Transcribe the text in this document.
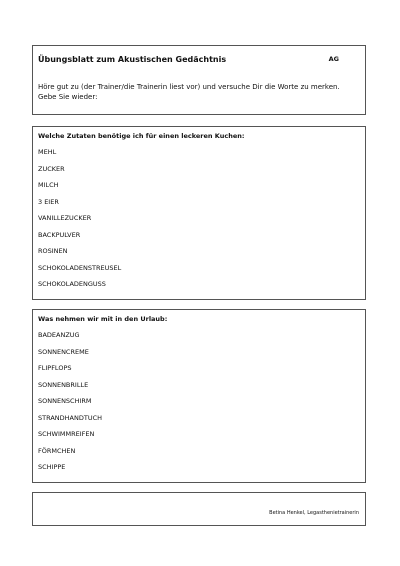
Übungsblatt zum Akustischen Gedächtnis	AG
Höre gut zu (der Trainer/die Trainerin liest vor) und versuche Dir die Worte zu merken. Gebe Sie wieder:
Welche Zutaten benötige ich für einen leckeren Kuchen:
MEHL
ZUCKER
MILCH
3 EIER
VANILLEZUCKER
BACKPULVER
ROSINEN
SCHOKOLADENSTREUSEL
SCHOKOLADENGUSS
Was nehmen wir mit in den Urlaub:
BADEANZUG
SONNENCREME
FLIPFLOPS
SONNENBRILLE
SONNENSCHIRM
STRANDHANDTUCH
SCHWIMMREIFEN
FÖRMCHEN
SCHIPPE
Betina Henkel, Legasthenietrainerin
